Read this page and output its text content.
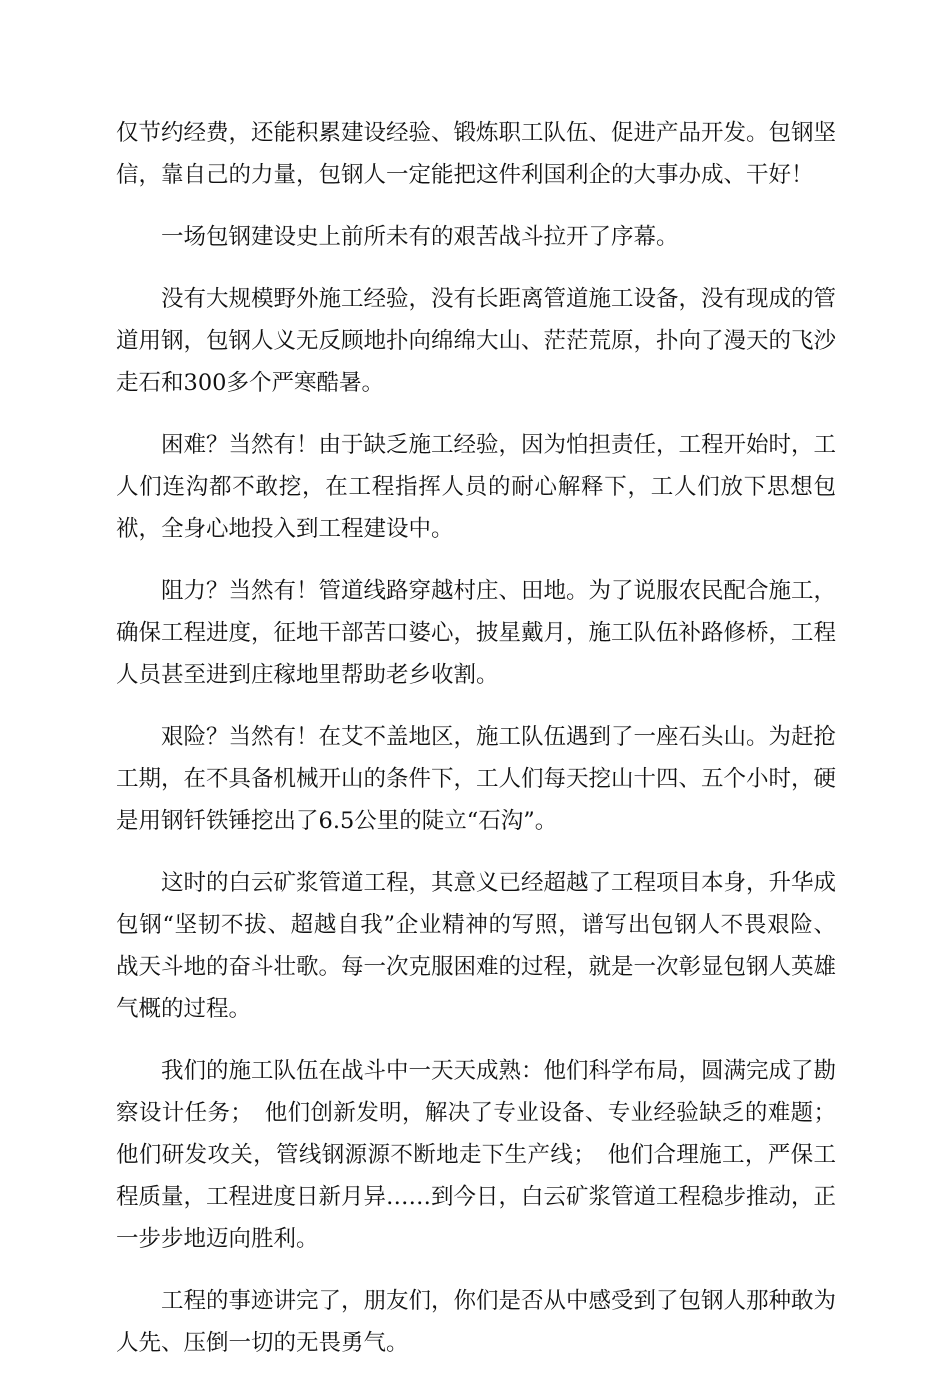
仅节约经费，还能积累建设经验、锻炼职工队伍、促进产品开发。包钢坚信，靠自己的力量，包钢人一定能把这件利国利企的大事办成、干好！

一场包钢建设史上前所未有的艰苦战斗拉开了序幕。

没有大规模野外施工经验，没有长距离管道施工设备，没有现成的管道用钢，包钢人义无反顾地扑向绵绵大山、茫茫荒原，扑向了漫天的飞沙走石和300多个严寒酷暑。

困难？当然有！由于缺乏施工经验，因为怕担责任，工程开始时，工人们连沟都不敢挖，在工程指挥人员的耐心解释下，工人们放下思想包袱，全身心地投入到工程建设中。

阻力？当然有！管道线路穿越村庄、田地。为了说服农民配合施工，确保工程进度，征地干部苦口婆心，披星戴月，施工队伍补路修桥，工程人员甚至进到庄稼地里帮助老乡收割。

艰险？当然有！在艾不盖地区，施工队伍遇到了一座石头山。为赶抢工期，在不具备机械开山的条件下，工人们每天挖山十四、五个小时，硬是用钢钎铁锤挖出了6.5公里的陡立“石沟”。

这时的白云矿浆管道工程，其意义已经超越了工程项目本身，升华成包钢“坚韧不拔、超越自我”企业精神的写照，谱写出包钢人不畏艰险、战天斗地的奋斗壮歌。每一次克服困难的过程，就是一次彰显包钢人英雄气概的过程。

我们的施工队伍在战斗中一天天成熟：他们科学布局，圆满完成了勘察设计任务；　他们创新发明，解决了专业设备、专业经验缺乏的难题；他们研发攻关，管线钢源源不断地走下生产线；　他们合理施工，严保工程质量，工程进度日新月异……到今日，白云矿浆管道工程稳步推动，正一步步地迈向胜利。

工程的事迹讲完了，朋友们，你们是否从中感受到了包钢人那种敢为人先、压倒一切的无畏勇气。
